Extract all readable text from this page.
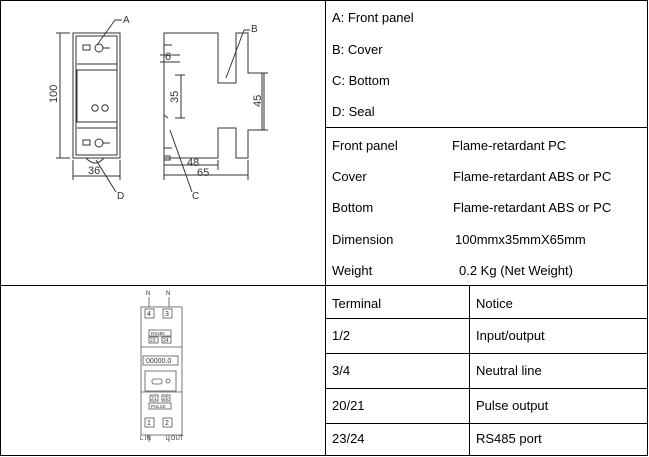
A
D
B
C
36
6
48
65
100	35	45
N	N
4 3
RS485
23 24
00000.0
21 20
PULSE
1 2
L IN	L OUT
A: Front panel
B: Cover
C: Bottom
D: Seal
Front panel	Flame-retardant PC
Cover	Flame-retardant ABS or PC
Bottom	Flame-retardant ABS or PC
Dimension	100mmx35mmX65mm
Weight	0.2 Kg (Net Weight)
Terminal	Notice
1/2	Input/output
3/4	Neutral line
20/21	Pulse output
23/24	RS485 port
